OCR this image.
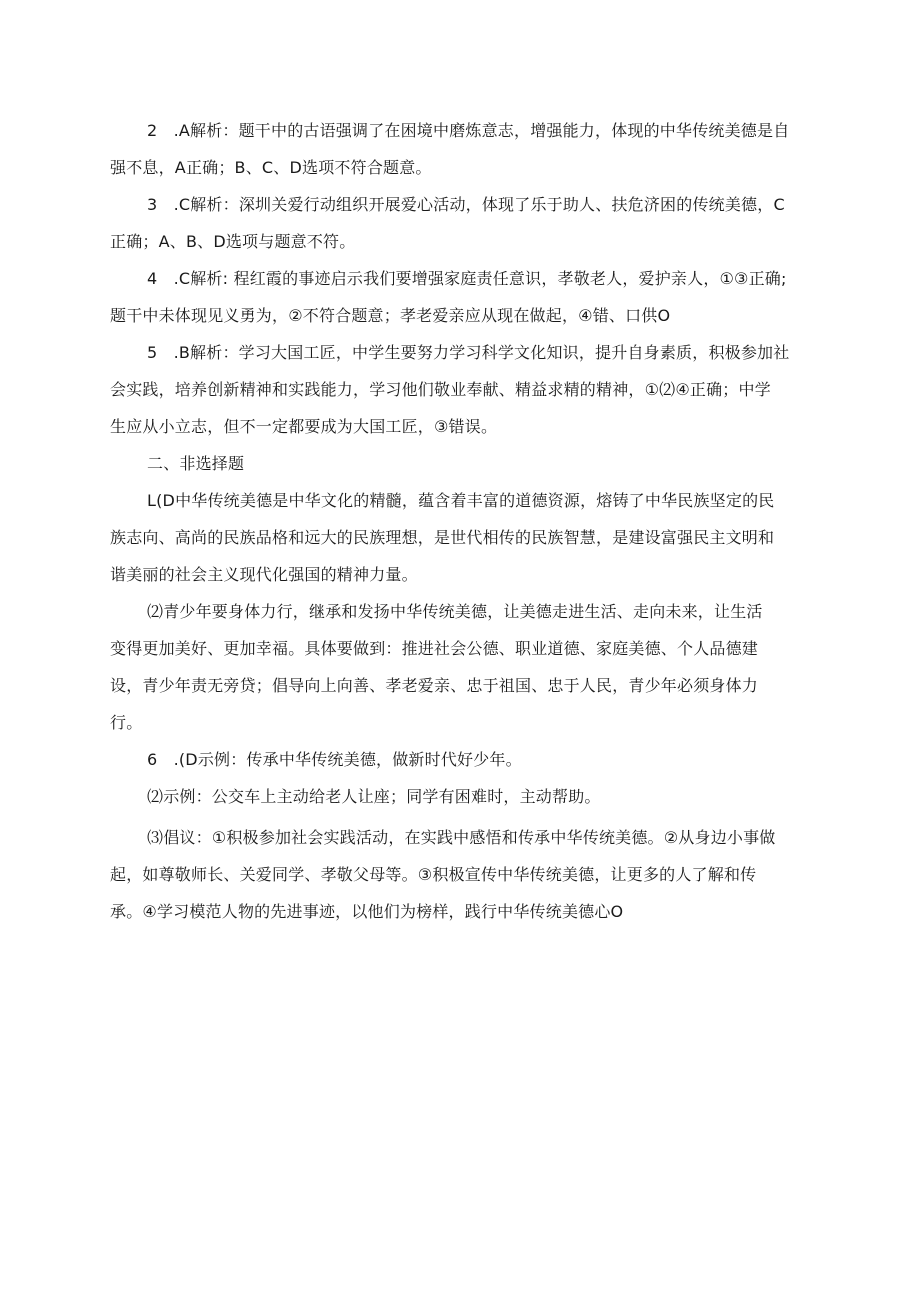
2　.A解析：题干中的古语强调了在困境中磨炼意志，增强能力，体现的中华传统美德是自
强不息，A正确；B、C、D选项不符合题意。

3　.C解析：深圳关爱行动组织开展爱心活动，体现了乐于助人、扶危济困的传统美德，C
正确；A、B、D选项与题意不符。

4　.C解析: 程红霞的事迹启示我们要增强家庭责任意识，孝敬老人，爱护亲人，①③正确;
题干中未体现见义勇为，②不符合题意；孝老爱亲应从现在做起，④错、口供O

5　.B解析：学习大国工匠，中学生要努力学习科学文化知识，提升自身素质，积极参加社
会实践，培养创新精神和实践能力，学习他们敬业奉献、精益求精的精神，①⑵④正确；中学
生应从小立志，但不一定都要成为大国工匠，③错误。

二、非选择题

L(D中华传统美德是中华文化的精髓，蕴含着丰富的道德资源，熔铸了中华民族坚定的民
族志向、高尚的民族品格和远大的民族理想，是世代相传的民族智慧，是建设富强民主文明和
谐美丽的社会主义现代化强国的精神力量。

⑵青少年要身体力行，继承和发扬中华传统美德，让美德走进生活、走向未来，让生活
变得更加美好、更加幸福。具体要做到：推进社会公德、职业道德、家庭美德、个人品德建
设，青少年责无旁贷；倡导向上向善、孝老爱亲、忠于祖国、忠于人民，青少年必须身体力
行。

6　.(D示例：传承中华传统美德，做新时代好少年。

⑵示例：公交车上主动给老人让座；同学有困难时，主动帮助。

⑶倡议：①积极参加社会实践活动，在实践中感悟和传承中华传统美德。②从身边小事做
起，如尊敬师长、关爱同学、孝敬父母等。③积极宣传中华传统美德，让更多的人了解和传
承。④学习模范人物的先进事迹，以他们为榜样，践行中华传统美德心O
